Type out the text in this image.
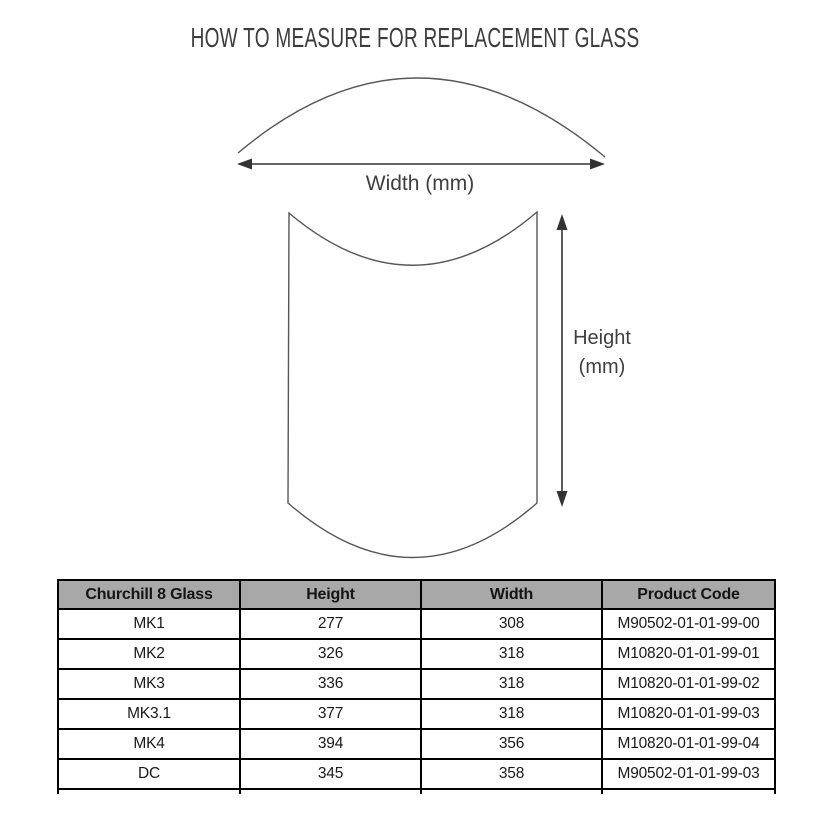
HOW TO MEASURE FOR REPLACEMENT GLASS
Width (mm)
Height
(mm)
Churchill 8 Glass	Height	Width	Product Code
MK1	277	308	M90502-01-01-99-00
MK2	326	318	M10820-01-01-99-01
MK3	336	318	M10820-01-01-99-02
MK3.1	377	318	M10820-01-01-99-03
MK4	394	356	M10820-01-01-99-04
DC	345	358	M90502-01-01-99-03
